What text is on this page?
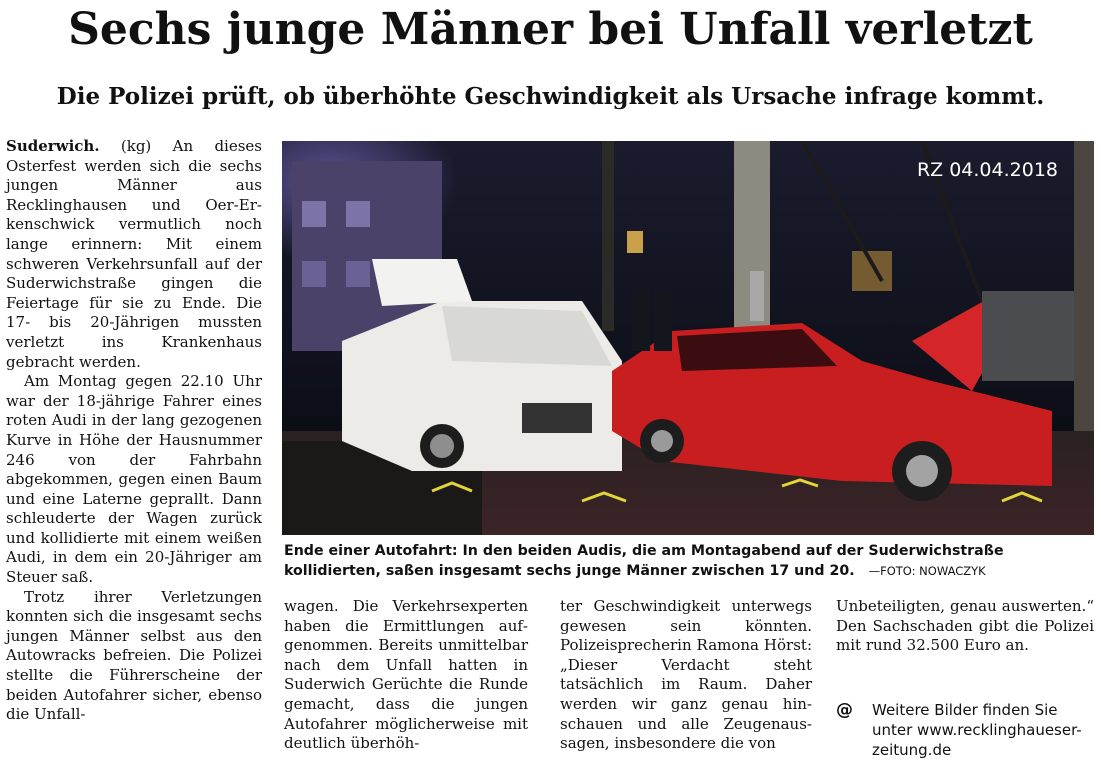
Sechs junge Männer bei Unfall verletzt
Die Polizei prüft, ob überhöhte Geschwindigkeit als Ursache infrage kommt.

Suderwich. (kg) An dieses Osterfest werden sich die sechs jungen Männer aus Recklinghausen und Oer-Erkenschwick vermutlich noch lange erinnern: Mit einem schweren Verkehrsunfall auf der Suderwichstraße gingen die Feiertage für sie zu Ende. Die 17- bis 20-Jährigen mussten verletzt ins Krankenhaus gebracht werden.

Am Montag gegen 22.10 Uhr war der 18-jährige Fahrer eines roten Audi in der lang gezogenen Kurve in Höhe der Hausnummer 246 von der Fahrbahn abgekommen, gegen einen Baum und eine Laterne geprallt. Dann schleuderte der Wagen zurück und kollidierte mit einem weißen Audi, in dem ein 20-Jähriger am Steuer saß.

Trotz ihrer Verletzungen konnten sich die insgesamt sechs jungen Männer selbst aus den Autowracks befreien. Die Polizei stellte die Führerscheine der beiden Autofahrer sicher, ebenso die Unfall-

RZ 04.04.2018
Ende einer Autofahrt: In den beiden Audis, die am Montagabend auf der Suderwichstraße kollidierten, saßen insgesamt sechs junge Männer zwischen 17 und 20. —FOTO: NOWACZYK

wagen. Die Verkehrsexperten haben die Ermittlungen aufgenommen. Bereits unmittelbar nach dem Unfall hatten in Suderwich Gerüchte die Runde gemacht, dass die jungen Autofahrer möglicherweise mit deutlich überhöh-

ter Geschwindigkeit unterwegs gewesen sein könnten. Polizeisprecherin Ramona Hörst: „Dieser Verdacht steht tatsächlich im Raum. Daher werden wir ganz genau hinschauen und alle Zeugenaussagen, insbesondere die von

Unbeteiligten, genau auswerten.“ Den Sachschaden gibt die Polizei mit rund 32.500 Euro an.

@ Weitere Bilder finden Sie unter www.recklinghaueser-zeitung.de
